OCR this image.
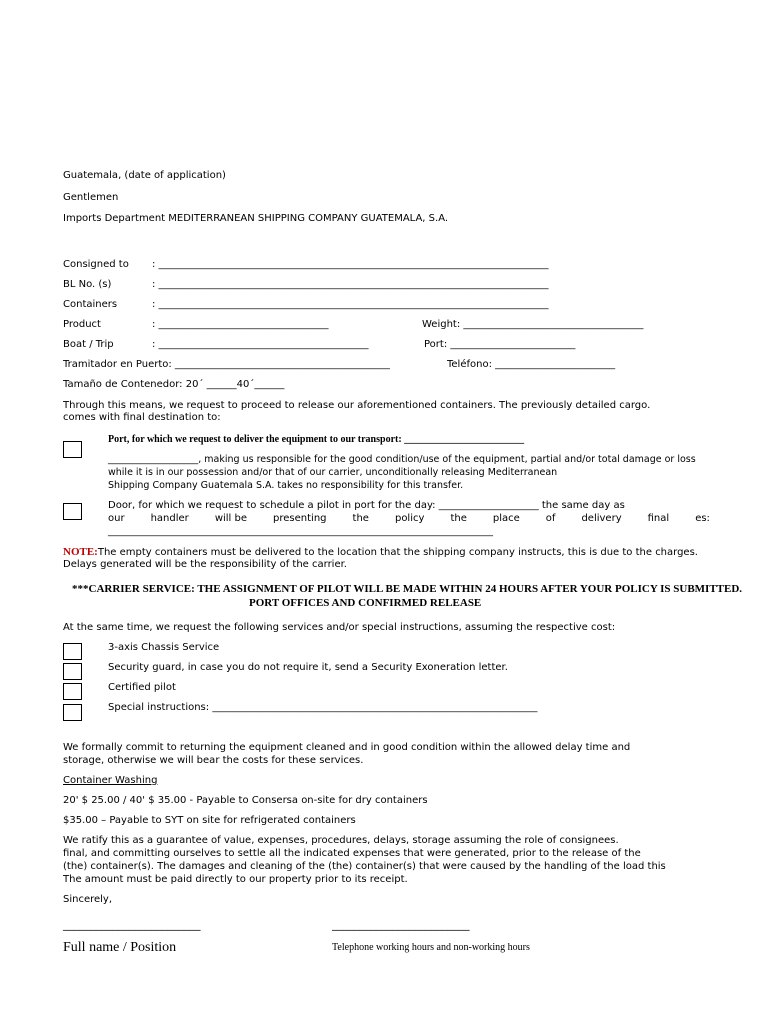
Guatemala, (date of application)
Gentlemen
Imports Department MEDITERRANEAN SHIPPING COMPANY GUATEMALA, S.A.
Consigned to : ______________________________________________________________________________
BL No. (s)	: ______________________________________________________________________________
Containers	: ______________________________________________________________________________
Product	: __________________________________	Weight: ____________________________________
Boat / Trip	: __________________________________________	Port: _________________________
Tramitador en Puerto: ___________________________________________	Teléfono: ________________________
Tamaño de Contenedor: 20´ ______40´______
Through this means, we request to proceed to release our aforementioned containers. The previously detailed cargo.
comes with final destination to:
Port, for which we request to deliver the equipment to our transport: ________________________
___________________, making us responsible for the good condition/use of the equipment, partial and/or total damage or loss
while it is in our possession and/or that of our carrier, unconditionally releasing Mediterranean
Shipping Company Guatemala S.A. takes no responsibility for this transfer.
Door, for which we request to schedule a pilot in port for the day: ____________________ the same day as
our	handler	will be	presenting	the	policy	the	place	of	delivery	final	es:
_____________________________________________________________________________
NOTE:The empty containers must be delivered to the location that the shipping company instructs, this is due to the charges.
Delays generated will be the responsibility of the carrier.
***CARRIER SERVICE: THE ASSIGNMENT OF PILOT WILL BE MADE WITHIN 24 HOURS AFTER YOUR POLICY IS SUBMITTED.
PORT OFFICES AND CONFIRMED RELEASE
At the same time, we request the following services and/or special instructions, assuming the respective cost:
3-axis Chassis Service
Security guard, in case you do not require it, send a Security Exoneration letter.
Certified pilot
Special instructions: _________________________________________________________________
We formally commit to returning the equipment cleaned and in good condition within the allowed delay time and
storage, otherwise we will bear the costs for these services.
Container Washing
20' $ 25.00 / 40' $ 35.00 - Payable to Consersa on-site for dry containers
$35.00 – Payable to SYT on site for refrigerated containers
We ratify this as a guarantee of value, expenses, procedures, delays, storage assuming the role of consignees.
final, and committing ourselves to settle all the indicated expenses that were generated, prior to the release of the
(the) container(s). The damages and cleaning of the (the) container(s) that were caused by the handling of the load this
The amount must be paid directly to our property prior to its receipt.
Sincerely,
_________________________	_________________________
Full name / Position	Telephone working hours and non-working hours
